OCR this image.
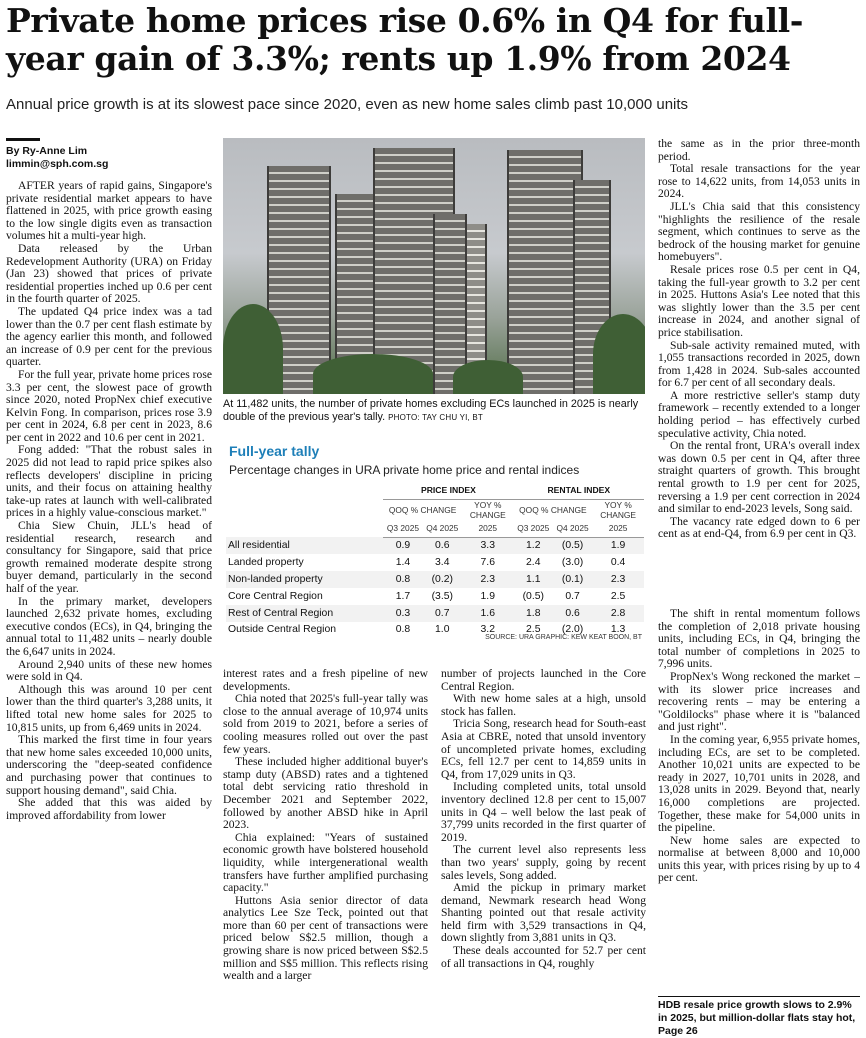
Private home prices rise 0.6% in Q4 for full-year gain of 3.3%; rents up 1.9% from 2024

Annual price growth is at its slowest pace since 2020, even as new home sales climb past 10,000 units

By Ry-Anne Lim
limmin@sph.com.sg

AFTER years of rapid gains, Singapore's private residential market appears to have flattened in 2025, with price growth easing to the low single digits even as transaction volumes hit a multi-year high.

Data released by the Urban Redevelopment Authority (URA) on Friday (Jan 23) showed that prices of private residential properties inched up 0.6 per cent in the fourth quarter of 2025.

The updated Q4 price index was a tad lower than the 0.7 per cent flash estimate by the agency earlier this month, and followed an increase of 0.9 per cent for the previous quarter.

For the full year, private home prices rose 3.3 per cent, the slowest pace of growth since 2020, noted PropNex chief executive Kelvin Fong. In comparison, prices rose 3.9 per cent in 2024, 6.8 per cent in 2023, 8.6 per cent in 2022 and 10.6 per cent in 2021.

Fong added: "That the robust sales in 2025 did not lead to rapid price spikes also reflects developers' discipline in pricing units, and their focus on attaining healthy take-up rates at launch with well-calibrated prices in a highly value-conscious market."

Chia Siew Chuin, JLL's head of residential research, research and consultancy for Singapore, said that price growth remained moderate despite strong buyer demand, particularly in the second half of the year.

In the primary market, developers launched 2,632 private homes, excluding executive condos (ECs), in Q4, bringing the annual total to 11,482 units – nearly double the 6,647 units in 2024.

Around 2,940 units of these new homes were sold in Q4.

Although this was around 10 per cent lower than the third quarter's 3,288 units, it lifted total new home sales for 2025 to 10,815 units, up from 6,469 units in 2024.

This marked the first time in four years that new home sales exceeded 10,000 units, underscoring the "deep-seated confidence and purchasing power that continues to support housing demand", said Chia.

She added that this was aided by improved affordability from lower

At 11,482 units, the number of private homes excluding ECs launched in 2025 is nearly double of the previous year's tally. PHOTO: TAY CHU YI, BT
Full-year tally
Percentage changes in URA private home price and rental indices
	PRICE INDEX			RENTAL INDEX		
	QOQ % CHANGE		YOY % CHANGE	QOQ % CHANGE		YOY % CHANGE
	Q3 2025	Q4 2025	2025	Q3 2025	Q4 2025	2025
All residential	0.9	0.6	3.3	1.2	(0.5)	1.9
Landed property	1.4	3.4	7.6	2.4	(3.0)	0.4
Non-landed property	0.8	(0.2)	2.3	1.1	(0.1)	2.3
Core Central Region	1.7	(3.5)	1.9	(0.5)	0.7	2.5
Rest of Central Region	0.3	0.7	1.6	1.8	0.6	2.8
Outside Central Region	0.8	1.0	3.2	2.5	(2.0)	1.3
SOURCE: URA GRAPHIC: KEW KEAT BOON, BT

interest rates and a fresh pipeline of new developments.

Chia noted that 2025's full-year tally was close to the annual average of 10,974 units sold from 2019 to 2021, before a series of cooling measures rolled out over the past few years.

These included higher additional buyer's stamp duty (ABSD) rates and a tightened total debt servicing ratio threshold in December 2021 and September 2022, followed by another ABSD hike in April 2023.

Chia explained: "Years of sustained economic growth have bolstered household liquidity, while intergenerational wealth transfers have further amplified purchasing capacity."

Huttons Asia senior director of data analytics Lee Sze Teck, pointed out that more than 60 per cent of transactions were priced below S$2.5 million, though a growing share is now priced between S$2.5 million and S$5 million. This reflects rising wealth and a larger

number of projects launched in the Core Central Region.

With new home sales at a high, unsold stock has fallen.

Tricia Song, research head for South-east Asia at CBRE, noted that unsold inventory of uncompleted private homes, excluding ECs, fell 12.7 per cent to 14,859 units in Q4, from 17,029 units in Q3.

Including completed units, total unsold inventory declined 12.8 per cent to 15,007 units in Q4 – well below the last peak of 37,799 units recorded in the first quarter of 2019.

The current level also represents less than two years' supply, going by recent sales levels, Song added.

Amid the pickup in primary market demand, Newmark research head Wong Shanting pointed out that resale activity held firm with 3,529 transactions in Q4, down slightly from 3,881 units in Q3.

These deals accounted for 52.7 per cent of all transactions in Q4, roughly

the same as in the prior three-month period.

Total resale transactions for the year rose to 14,622 units, from 14,053 units in 2024.

JLL's Chia said that this consistency "highlights the resilience of the resale segment, which continues to serve as the bedrock of the housing market for genuine homebuyers".

Resale prices rose 0.5 per cent in Q4, taking the full-year growth to 3.2 per cent in 2025. Huttons Asia's Lee noted that this was slightly lower than the 3.5 per cent increase in 2024, and another signal of price stabilisation.

Sub-sale activity remained muted, with 1,055 transactions recorded in 2025, down from 1,428 in 2024. Sub-sales accounted for 6.7 per cent of all secondary deals.

A more restrictive seller's stamp duty framework – recently extended to a longer holding period – has effectively curbed speculative activity, Chia noted.

On the rental front, URA's overall index was down 0.5 per cent in Q4, after three straight quarters of growth. This brought rental growth to 1.9 per cent for 2025, reversing a 1.9 per cent correction in 2024 and similar to end-2023 levels, Song said.

The vacancy rate edged down to 6 per cent as at end-Q4, from 6.9 per cent in Q3.

The shift in rental momentum follows the completion of 2,018 private housing units, including ECs, in Q4, bringing the total number of completions in 2025 to 7,996 units.

PropNex's Wong reckoned the market – with its slower price increases and recovering rents – may be entering a "Goldilocks" phase where it is "balanced and just right".

In the coming year, 6,955 private homes, including ECs, are set to be completed. Another 10,021 units are expected to be ready in 2027, 10,701 units in 2028, and 13,028 units in 2029. Beyond that, nearly 16,000 completions are projected. Together, these make for 54,000 units in the pipeline.

New home sales are expected to normalise at between 8,000 and 10,000 units this year, with prices rising by up to 4 per cent.

HDB resale price growth slows to 2.9% in 2025, but million-dollar flats stay hot, Page 26
